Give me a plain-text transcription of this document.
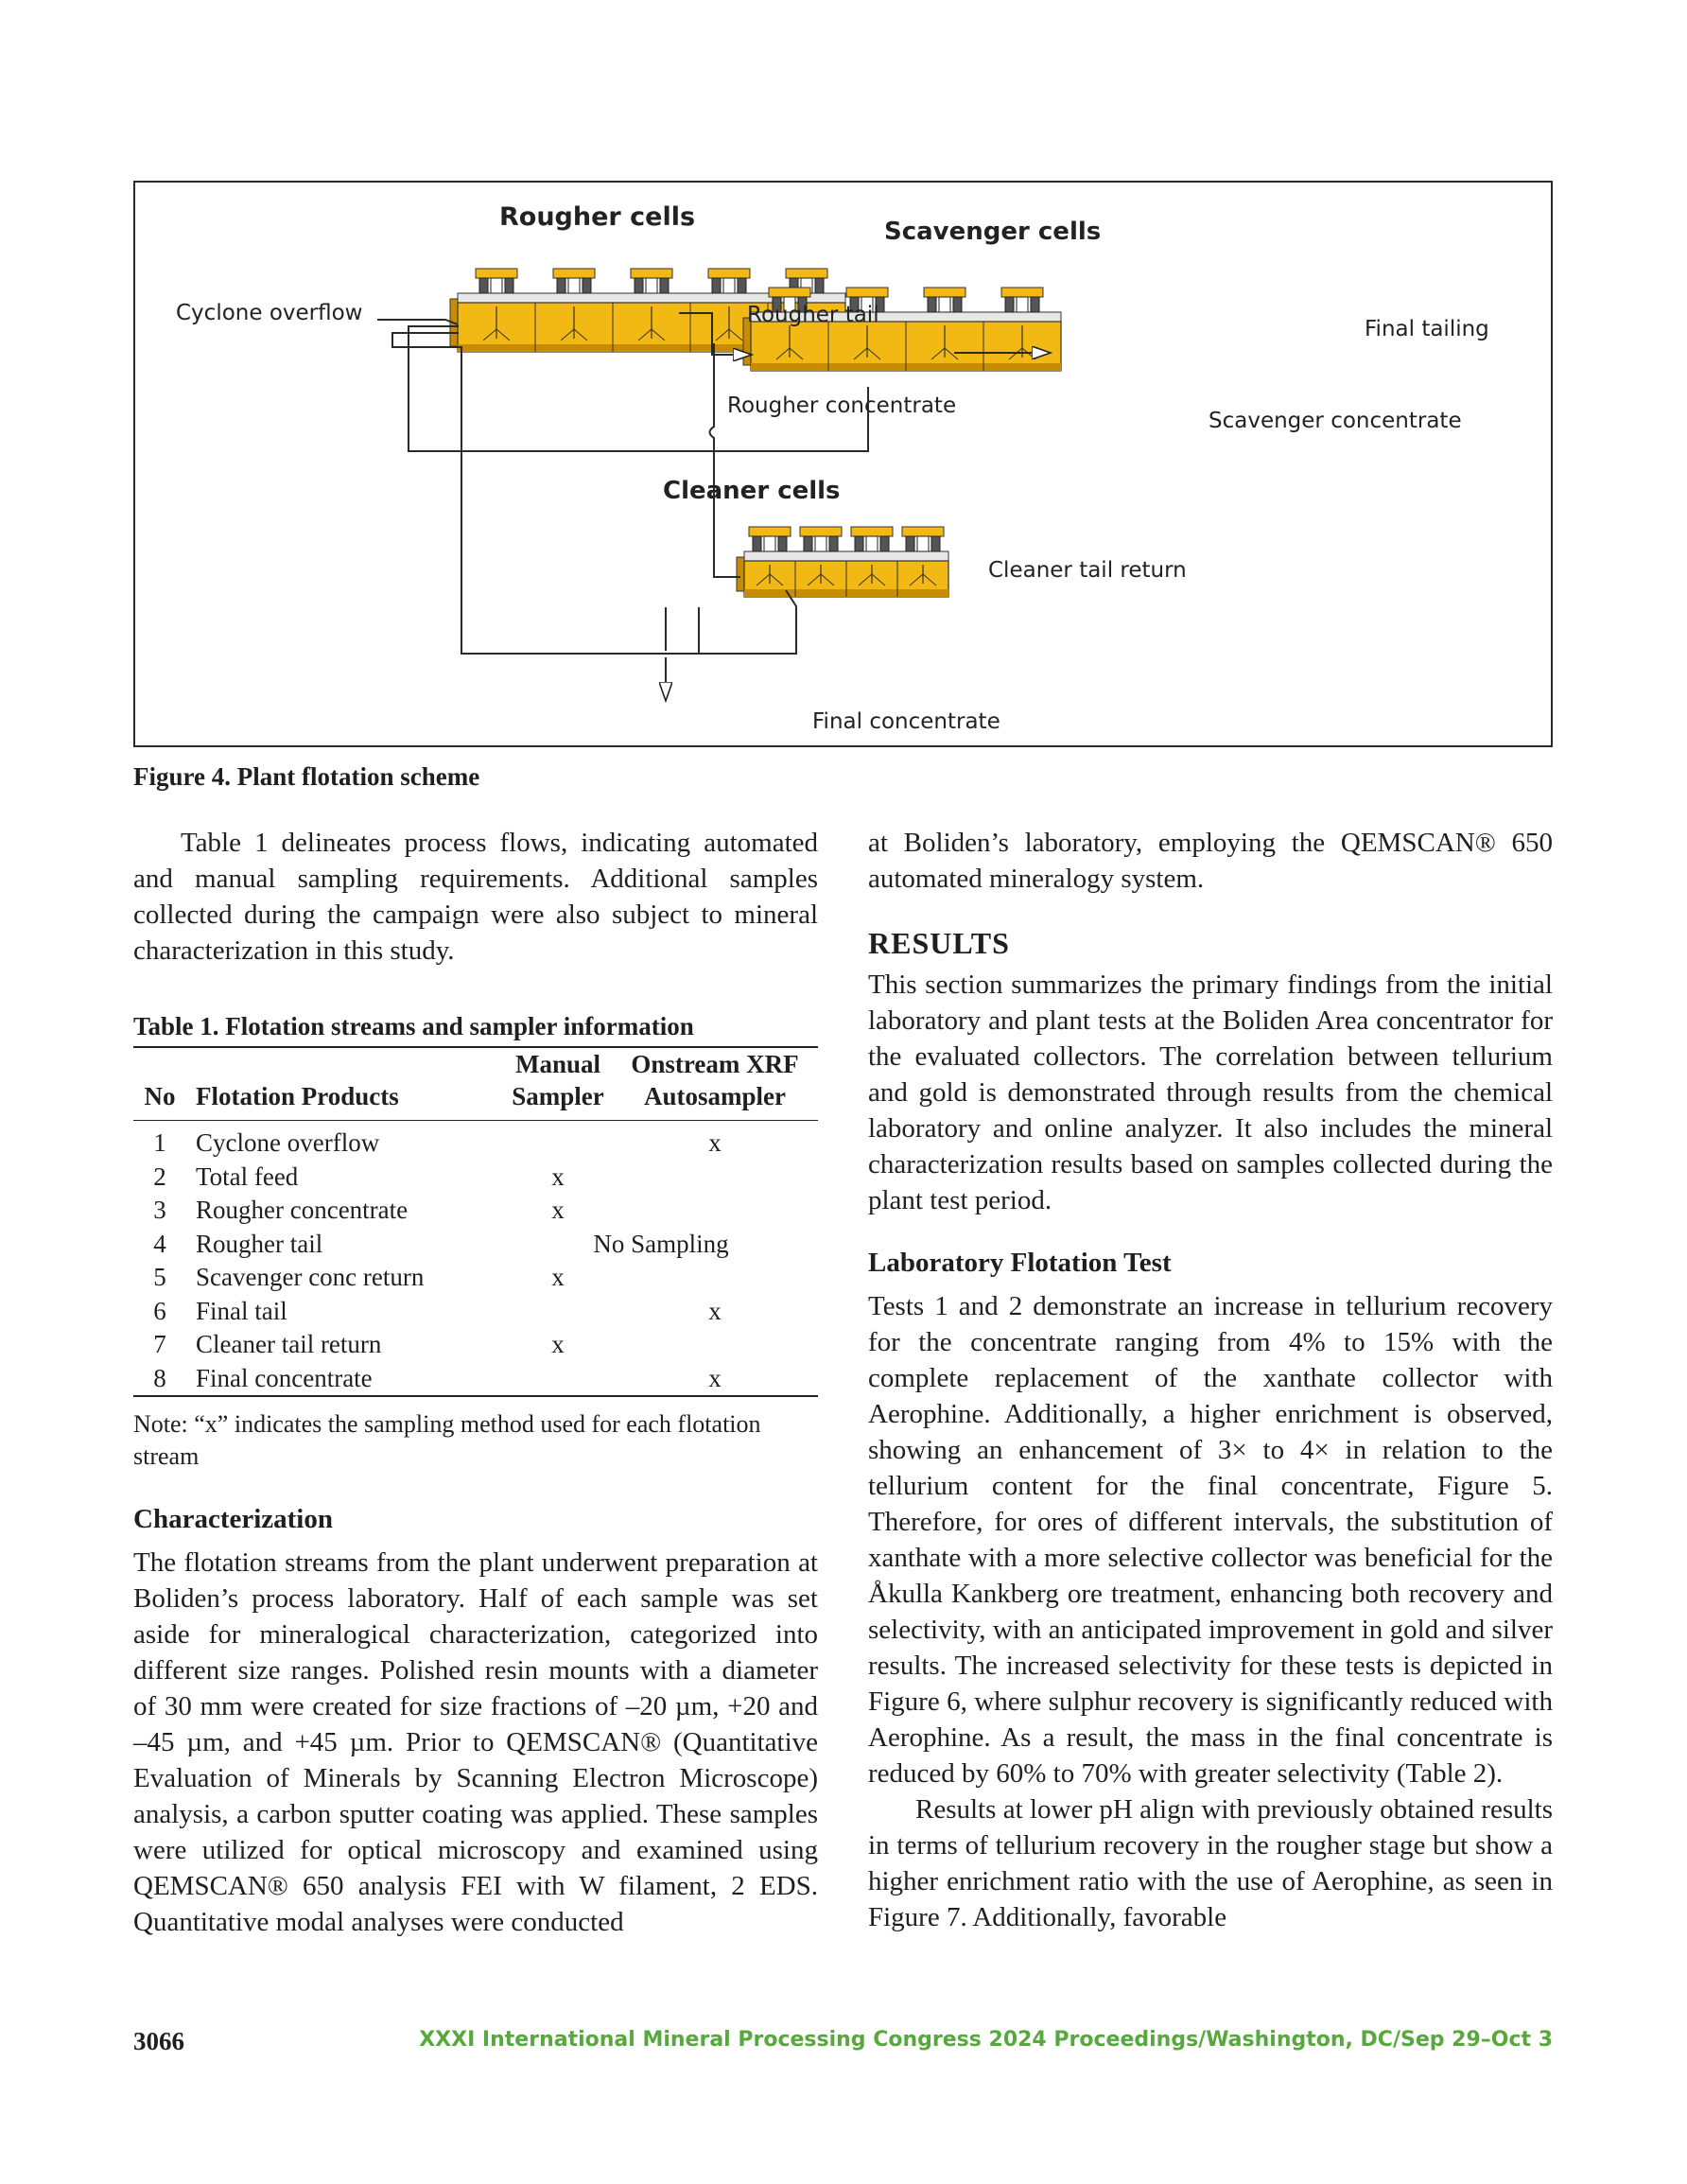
Rougher cells	Scavenger cells
Cleaner cells
Cyclone overflow	Rougher tail
Final tailing
Rougher concentrate
Scavenger concentrate
Cleaner tail return
Final concentrate
Figure 4. Plant flotation scheme

Table 1 delineates process flows, indicating automated and manual sampling requirements. Additional samples collected during the campaign were also subject to mineral characterization in this study.

Table 1. Flotation streams and sampler information
		Manual	Onstream XRF
No	Flotation Products	Sampler	Autosampler
1	Cyclone overflow		x
2	Total feed	x	
3	Rougher concentrate	x	
4	Rougher tail	No Sampling	
5	Scavenger conc return	x	
6	Final tail		x
7	Cleaner tail return	x	
8	Final concentrate		x
Note: “x” indicates the sampling method used for each flotation stream
Characterization

The flotation streams from the plant underwent preparation at Boliden’s process laboratory. Half of each sample was set aside for mineralogical characterization, categorized into different size ranges. Polished resin mounts with a diameter of 30 mm were created for size fractions of –20 µm, +20 and –45 µm, and +45 µm. Prior to QEMSCAN® (Quantitative Evaluation of Minerals by Scanning Electron Microscope) analysis, a carbon sputter coating was applied. These samples were utilized for optical microscopy and examined using QEMSCAN® 650 analysis FEI with W filament, 2 EDS. Quantitative modal analyses were conducted

at Boliden’s laboratory, employing the QEMSCAN® 650 automated mineralogy system.

RESULTS

This section summarizes the primary findings from the initial laboratory and plant tests at the Boliden Area concentrator for the evaluated collectors. The correlation between tellurium and gold is demonstrated through results from the chemical laboratory and online analyzer. It also includes the mineral characterization results based on samples collected during the plant test period.

Laboratory Flotation Test

Tests 1 and 2 demonstrate an increase in tellurium recovery for the concentrate ranging from 4% to 15% with the complete replacement of the xanthate collector with Aerophine. Additionally, a higher enrichment is observed, showing an enhancement of 3× to 4× in relation to the tellurium content for the final concentrate, Figure 5. Therefore, for ores of different intervals, the substitution of xanthate with a more selective collector was beneficial for the Åkulla Kankberg ore treatment, enhancing both recovery and selectivity, with an anticipated improvement in gold and silver results. The increased selectivity for these tests is depicted in Figure 6, where sulphur recovery is significantly reduced with Aerophine. As a result, the mass in the final concentrate is reduced by 60% to 70% with greater selectivity (Table 2).

Results at lower pH align with previously obtained results in terms of tellurium recovery in the rougher stage but show a higher enrichment ratio with the use of Aerophine, as seen in Figure 7. Additionally, favorable

3066	XXXI International Mineral Processing Congress 2024 Proceedings/Washington, DC/Sep 29–Oct 3
